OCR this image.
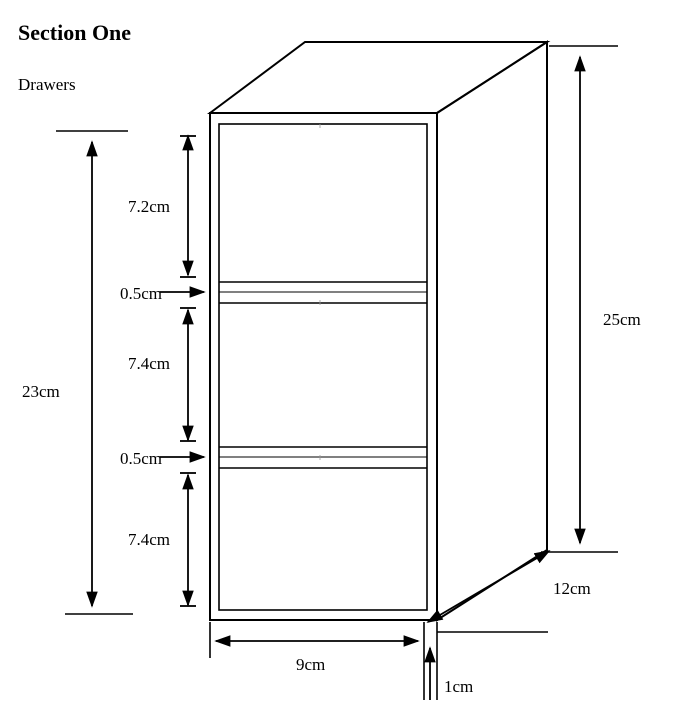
Section One
Drawers
23cm
25cm
7.2cm
0.5cm
7.4cm
0.5cm
7.4cm
9cm
12cm
1cm
